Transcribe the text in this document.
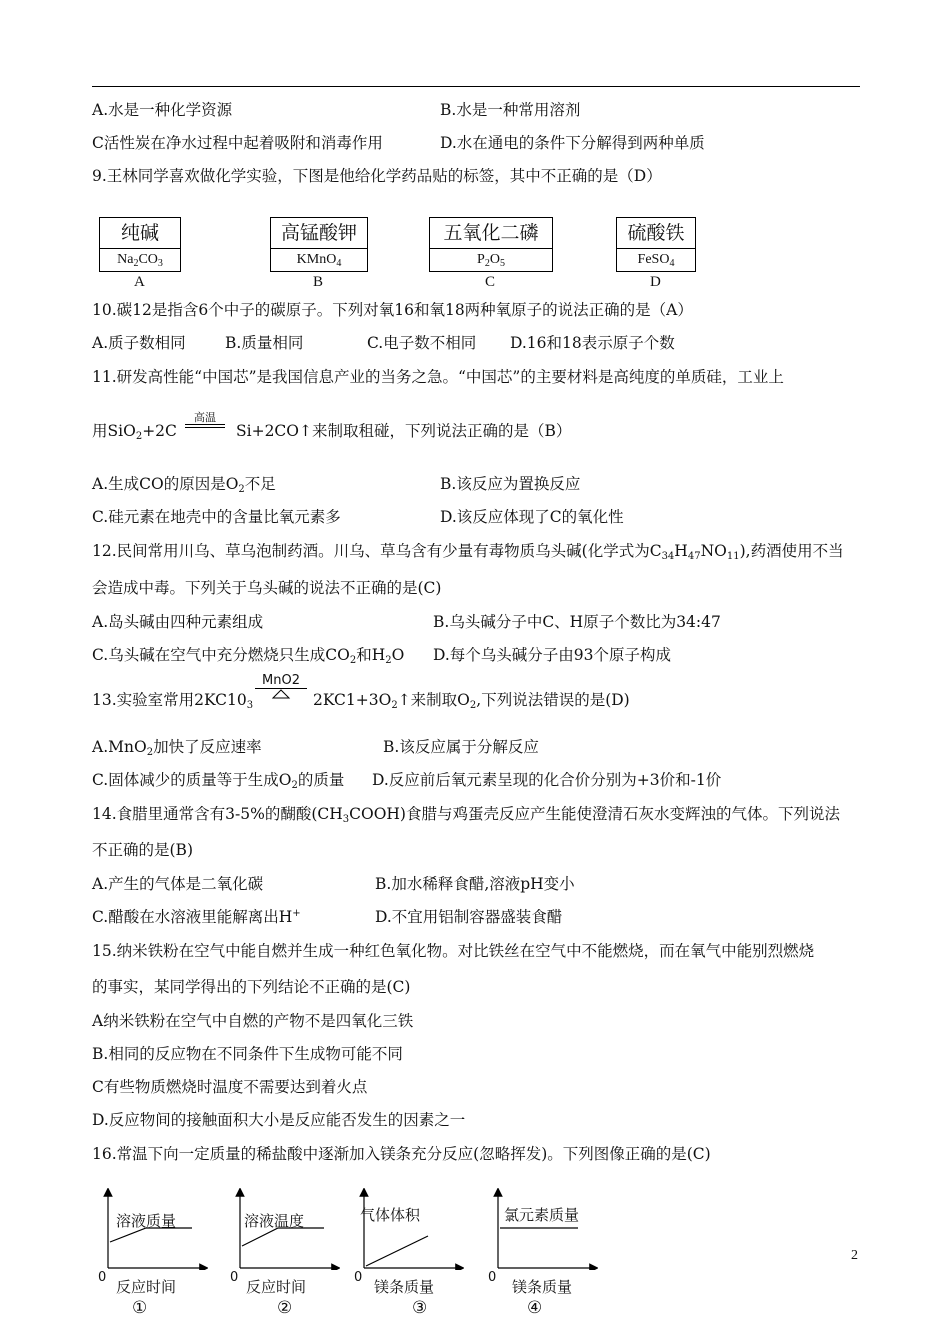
A.水是一种化学资源	B.水是一种常用溶剂
C活性炭在净水过程中起着吸附和消毒作用	D.水在通电的条件下分解得到两种单质
9.王林同学喜欢做化学实验，下图是他给化学药品贴的标签，其中不正确的是（D）
纯碱
$Na_2CO_3$
A
高锰酸钾
KMnO$_4$
B
五氧化二磷
$P_2O_5$
C
硫酸铁
FeSO$_4$
D
10.碳12是指含6个中子的碳原子。下列对氧16和氧18两种氧原子的说法正确的是（A）
A.质子数相同	B.质量相同	C.电子数不相同 D.16和18表示原子个数
11.研发高性能“中国芯”是我国信息产业的当务之急。“中国芯”的主要材料是高纯度的单质硅，工业上
用SiO$_2$+2C
高温
Si+2CO↑来制取租碰，下列说法正确的是（B）
A.生成CO的原因是$O_2$不足	B.该反应为置换反应
C.硅元素在地壳中的含量比氧元素多	D.该反应体现了C的氧化性
12.民间常用川乌、草乌泡制药酒。川乌、草乌含有少量有毒物质乌头碱(化学式为$C_{34}H_{47}NO_{11}$),药酒使用不当
会造成中毒。下列关于乌头碱的说法不正确的是(C)
A.岛头碱由四种元素组成	B.乌头碱分子中C、H原子个数比为34:47
C.乌头碱在空气中充分燃烧只生成$CO_2$和$H_2O$ D.每个乌头碱分子由93个原子构成
13.实验室常用$2KC10_3$
MnO2
$2KC1+3O_2↑$来制取$O_2$,下列说法错误的是(D)
A.MnO$_2$加快了反应速率	B.该反应属于分解反应
C.固体减少的质量等于生成$O_2$的质量 D.反应前后氧元素呈现的化合价分别为+3价和-1价
14.食腊里通常含有3-5%的醐酸$(CH_3COOH)$食腊与鸡蛋壳反应产生能使澄清石灰水变辉浊的气体。下列说法
不正确的是(B)
A.产生的气体是二氧化碳	B.加水稀释食醋,溶液pH变小
C.醋酸在水溶液里能解离出H+	D.不宜用铝制容器盛装食醋
15.纳米铁粉在空气中能自燃并生成一种红色氧化物。对比铁丝在空气中不能燃烧，而在氧气中能别烈燃烧
的事实，某同学得出的下列结论不正确的是(C)
A纳米铁粉在空气中自燃的产物不是四氧化三铁
B.相同的反应物在不同条件下生成物可能不同
C有些物质燃烧时温度不需要达到着火点
D.反应物间的接触面积大小是反应能否发生的因素之一
16.常温下向一定质量的稀盐酸中逐渐加入镁条充分反应(忽略挥发)。下列图像正确的是(C)
溶液质量
0
反应时间
①
溶液温度
0
反应时间
②
气体体积
0
镁条质量
③
氯元素质量
0
镁条质量
④
2
